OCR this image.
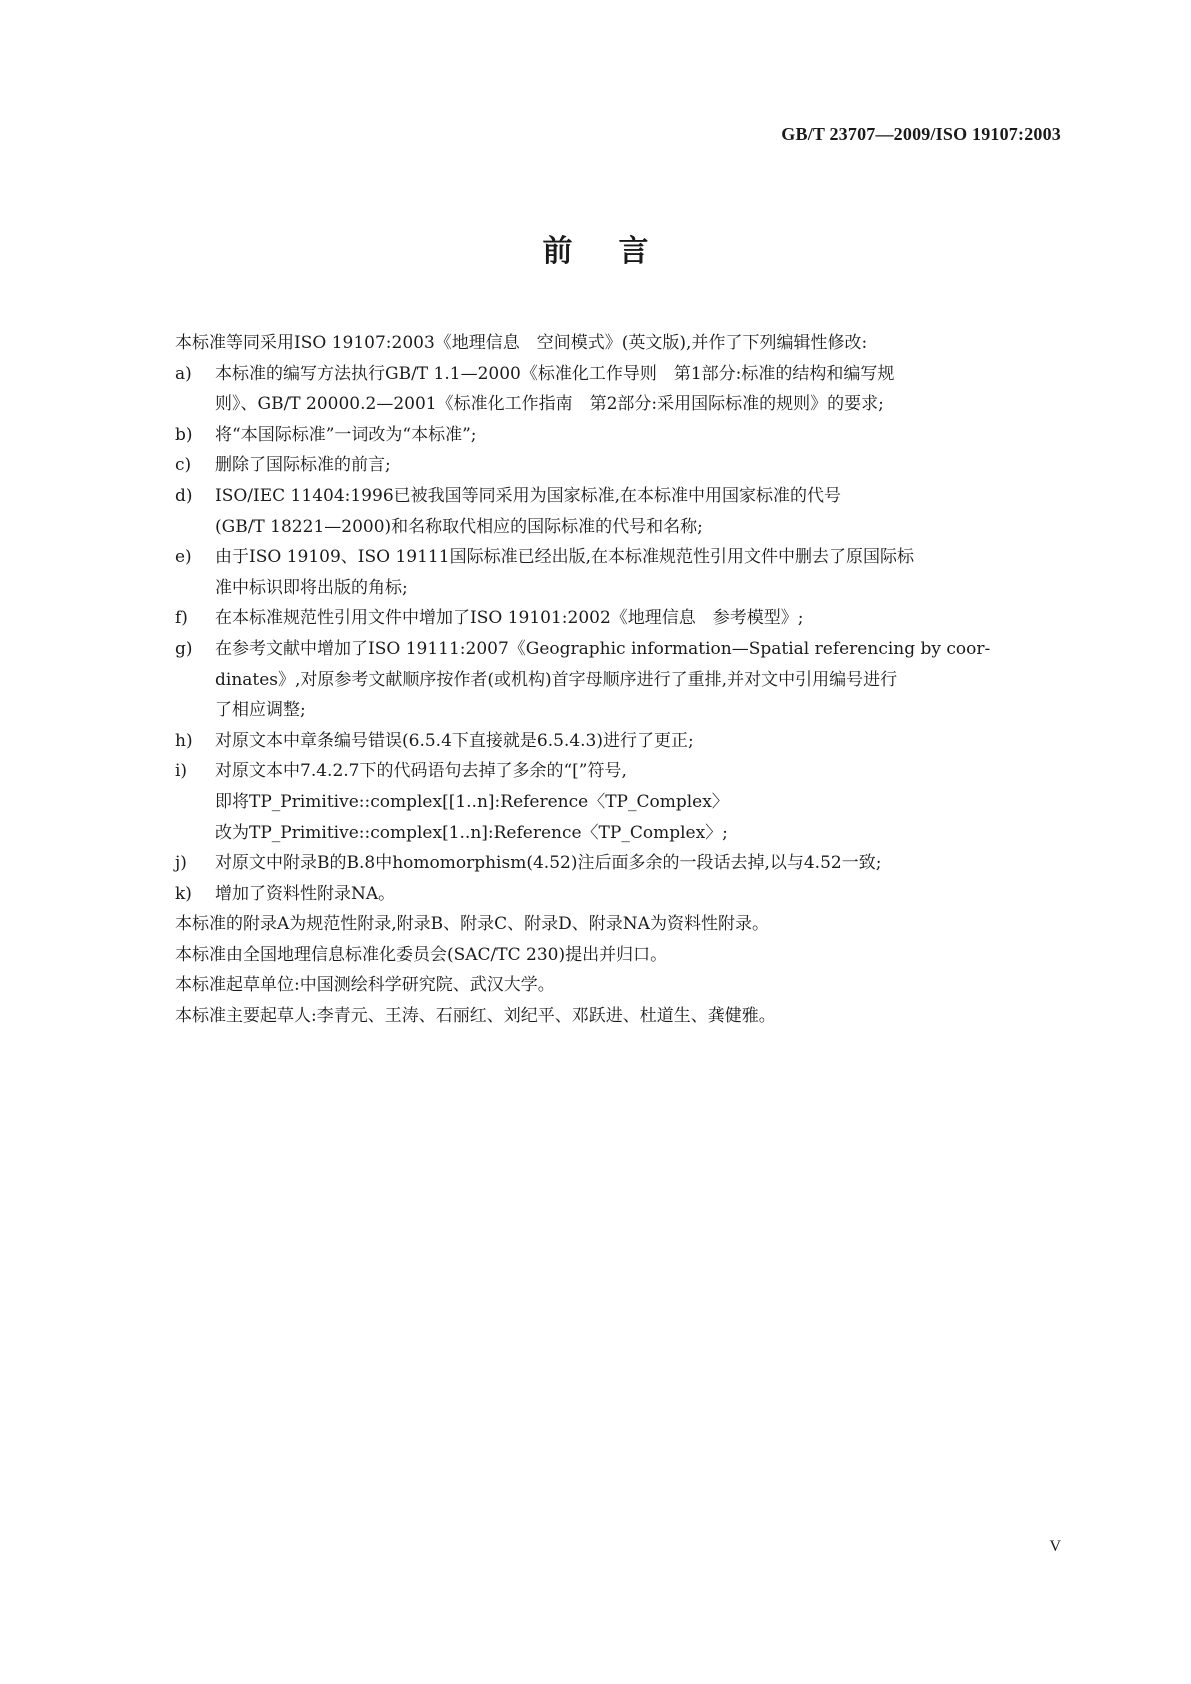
GB/T 23707—2009/ISO 19107:2003
前言
本标准等同采用ISO 19107:2003《地理信息　空间模式》(英文版),并作了下列编辑性修改:
a)	本标准的编写方法执行GB/T 1.1—2000《标准化工作导则　第1部分:标准的结构和编写规
则》、GB/T 20000.2—2001《标准化工作指南　第2部分:采用国际标准的规则》的要求;
b)	将“本国际标准”一词改为“本标准”;
c)	删除了国际标准的前言;
d)	ISO/IEC 11404:1996已被我国等同采用为国家标准,在本标准中用国家标准的代号
(GB/T 18221—2000)和名称取代相应的国际标准的代号和名称;
e)	由于ISO 19109、ISO 19111国际标准已经出版,在本标准规范性引用文件中删去了原国际标
准中标识即将出版的角标;
f)	在本标准规范性引用文件中增加了ISO 19101:2002《地理信息　参考模型》;
g)	在参考文献中增加了ISO 19111:2007《Geographic information—Spatial referencing by coor-
dinates》,对原参考文献顺序按作者(或机构)首字母顺序进行了重排,并对文中引用编号进行
了相应调整;
h)	对原文本中章条编号错误(6.5.4下直接就是6.5.4.3)进行了更正;
i)	对原文本中7.4.2.7下的代码语句去掉了多余的“[”符号,
即将TP_Primitive::complex[[1..n]:Reference〈TP_Complex〉
改为TP_Primitive::complex[1..n]:Reference〈TP_Complex〉;
j)	对原文中附录B的B.8中homomorphism(4.52)注后面多余的一段话去掉,以与4.52一致;
k)	增加了资料性附录NA。
本标准的附录A为规范性附录,附录B、附录C、附录D、附录NA为资料性附录。
本标准由全国地理信息标准化委员会(SAC/TC 230)提出并归口。
本标准起草单位:中国测绘科学研究院、武汉大学。
本标准主要起草人:李青元、王涛、石丽红、刘纪平、邓跃进、杜道生、龚健雅。
V
